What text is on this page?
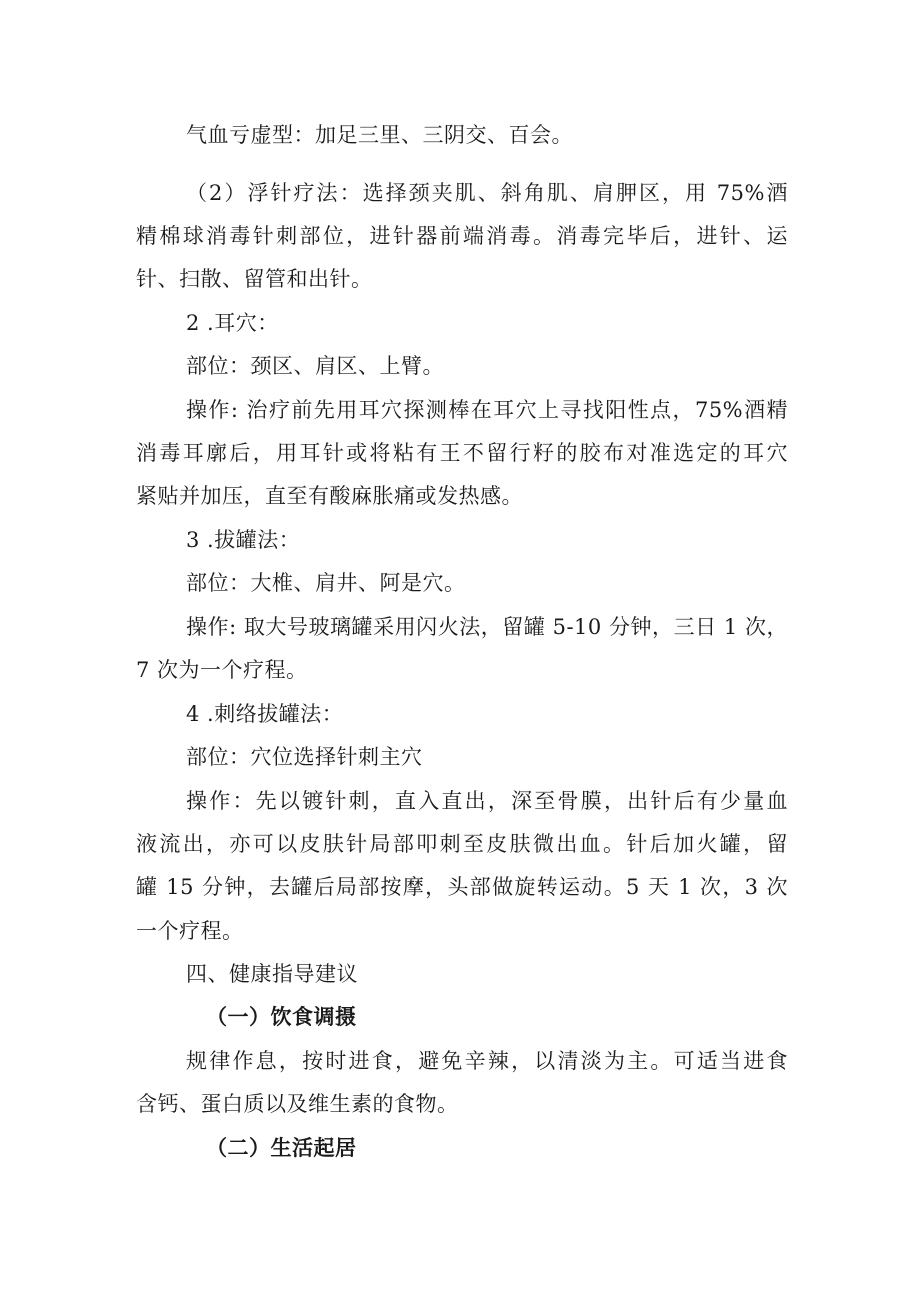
气血亏虚型：加足三里、三阴交、百会。
（2）浮针疗法：选择颈夹肌、斜角肌、肩胛区，用 75%酒
精棉球消毒针刺部位，进针器前端消毒。消毒完毕后，进针、运
针、扫散、留管和出针。
2 .耳穴：
部位：颈区、肩区、上臂。
操作: 治疗前先用耳穴探测棒在耳穴上寻找阳性点，75%酒精
消毒耳廓后，用耳针或将粘有王不留行籽的胶布对准选定的耳穴
紧贴并加压，直至有酸麻胀痛或发热感。
3 .拔罐法：
部位：大椎、肩井、阿是穴。
操作: 取大号玻璃罐采用闪火法，留罐 5-10 分钟，三日 1 次，
7 次为一个疗程。
4 .刺络拔罐法：
部位：穴位选择针刺主穴
操作：先以镀针刺，直入直出，深至骨膜，出针后有少量血
液流出，亦可以皮肤针局部叩刺至皮肤微出血。针后加火罐，留
罐 15 分钟，去罐后局部按摩，头部做旋转运动。5 天 1 次，3 次
一个疗程。
四、健康指导建议
（一）饮食调摄
规律作息，按时进食，避免辛辣，以清淡为主。可适当进食
含钙、蛋白质以及维生素的食物。
（二）生活起居
